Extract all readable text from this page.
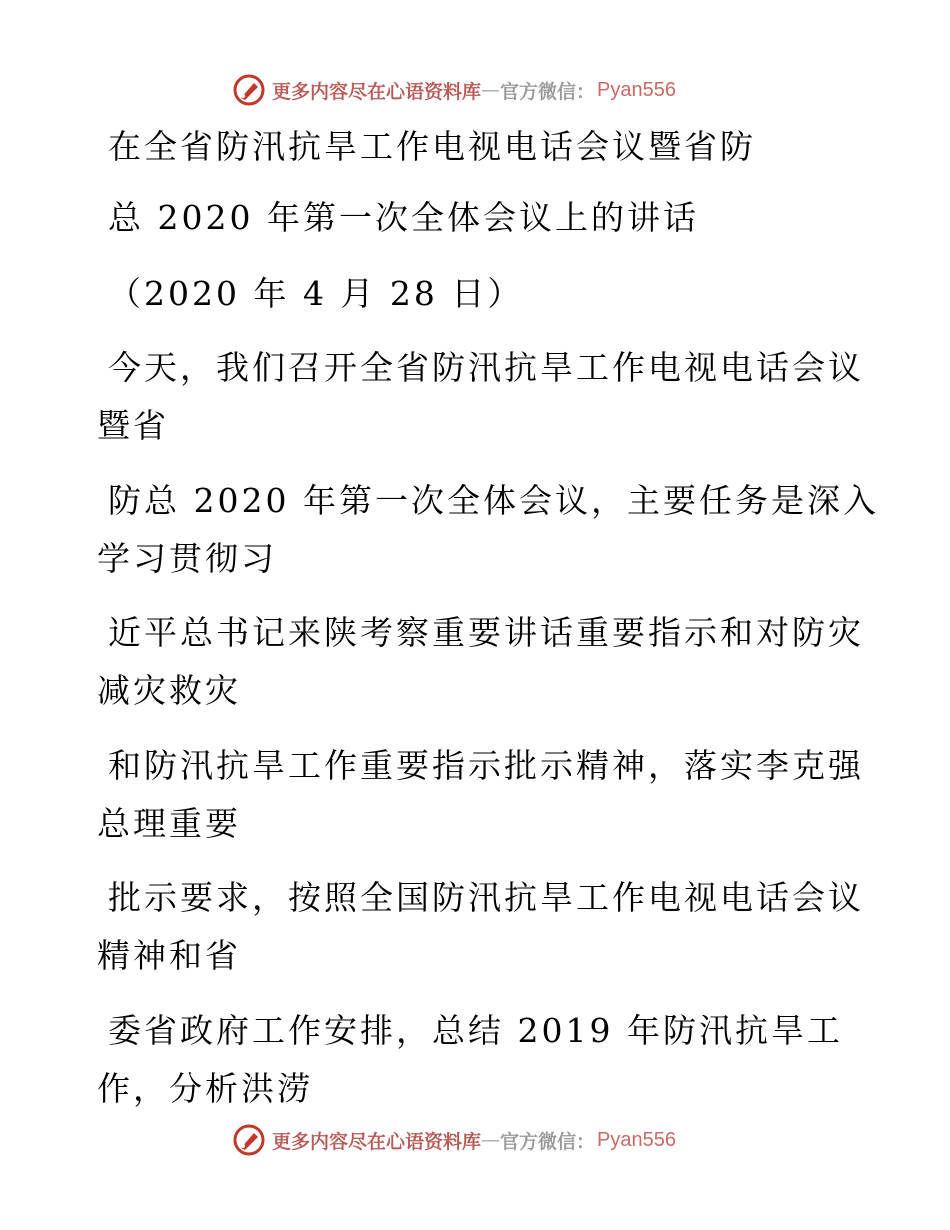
更多内容尽在心语资料库 — 官方微信： Pyan556
在全省防汛抗旱工作电视电话会议暨省防
总 2020 年第一次全体会议上的讲话
（2020 年 4 月 28 日）
今天，我们召开全省防汛抗旱工作电视电话会议
暨省
防总 2020 年第一次全体会议，主要任务是深入
学习贯彻习
近平总书记来陕考察重要讲话重要指示和对防灾
减灾救灾
和防汛抗旱工作重要指示批示精神，落实李克强
总理重要
批示要求，按照全国防汛抗旱工作电视电话会议
精神和省
委省政府工作安排，总结 2019 年防汛抗旱工
作，分析洪涝
更多内容尽在心语资料库 — 官方微信： Pyan556
